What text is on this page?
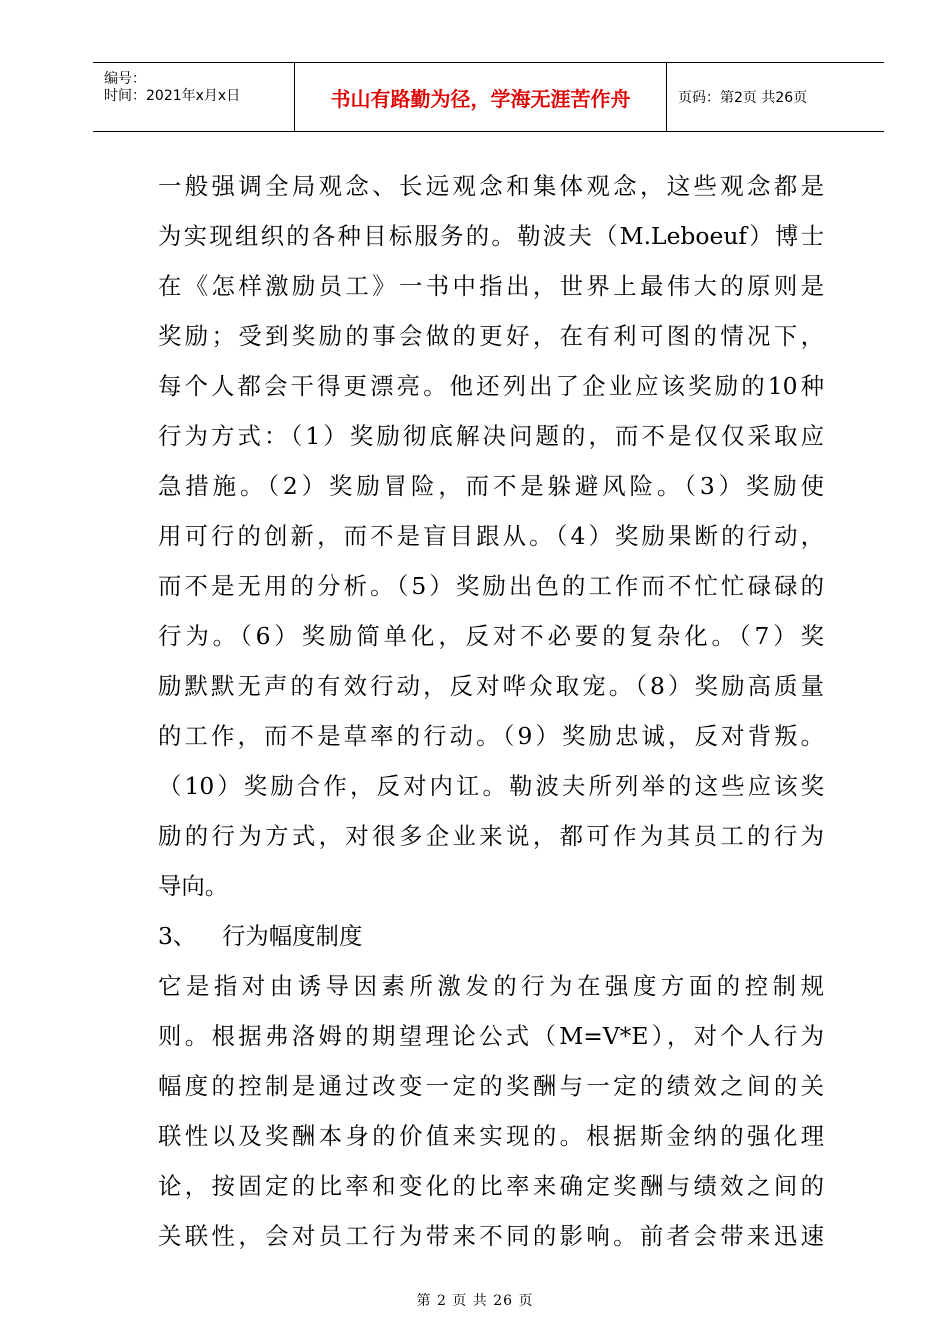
编号：
时间：2021年x月x日	书山有路勤为径，学海无涯苦作舟	页码：第2页 共26页
一般强调全局观念、长远观念和集体观念，这些观念都是
为实现组织的各种目标服务的。勒波夫（M.Leboeuf）博士
在《怎样激励员工》一书中指出，世界上最伟大的原则是
奖励；受到奖励的事会做的更好，在有利可图的情况下，
每个人都会干得更漂亮。他还列出了企业应该奖励的10种
行为方式：（1）奖励彻底解决问题的，而不是仅仅采取应
急措施。（2）奖励冒险，而不是躲避风险。（3）奖励使
用可行的创新，而不是盲目跟从。（4）奖励果断的行动，
而不是无用的分析。（5）奖励出色的工作而不忙忙碌碌的
行为。（6）奖励简单化，反对不必要的复杂化。（7）奖
励默默无声的有效行动，反对哗众取宠。（8）奖励高质量
的工作，而不是草率的行动。（9）奖励忠诚，反对背叛。
（10）奖励合作，反对内讧。勒波夫所列举的这些应该奖
励的行为方式，对很多企业来说，都可作为其员工的行为
导向。
3、 行为幅度制度
它是指对由诱导因素所激发的行为在强度方面的控制规
则。根据弗洛姆的期望理论公式（M=V*E），对个人行为
幅度的控制是通过改变一定的奖酬与一定的绩效之间的关
联性以及奖酬本身的价值来实现的。根据斯金纳的强化理
论，按固定的比率和变化的比率来确定奖酬与绩效之间的
关联性，会对员工行为带来不同的影响。前者会带来迅速
第 2 页 共 26 页
